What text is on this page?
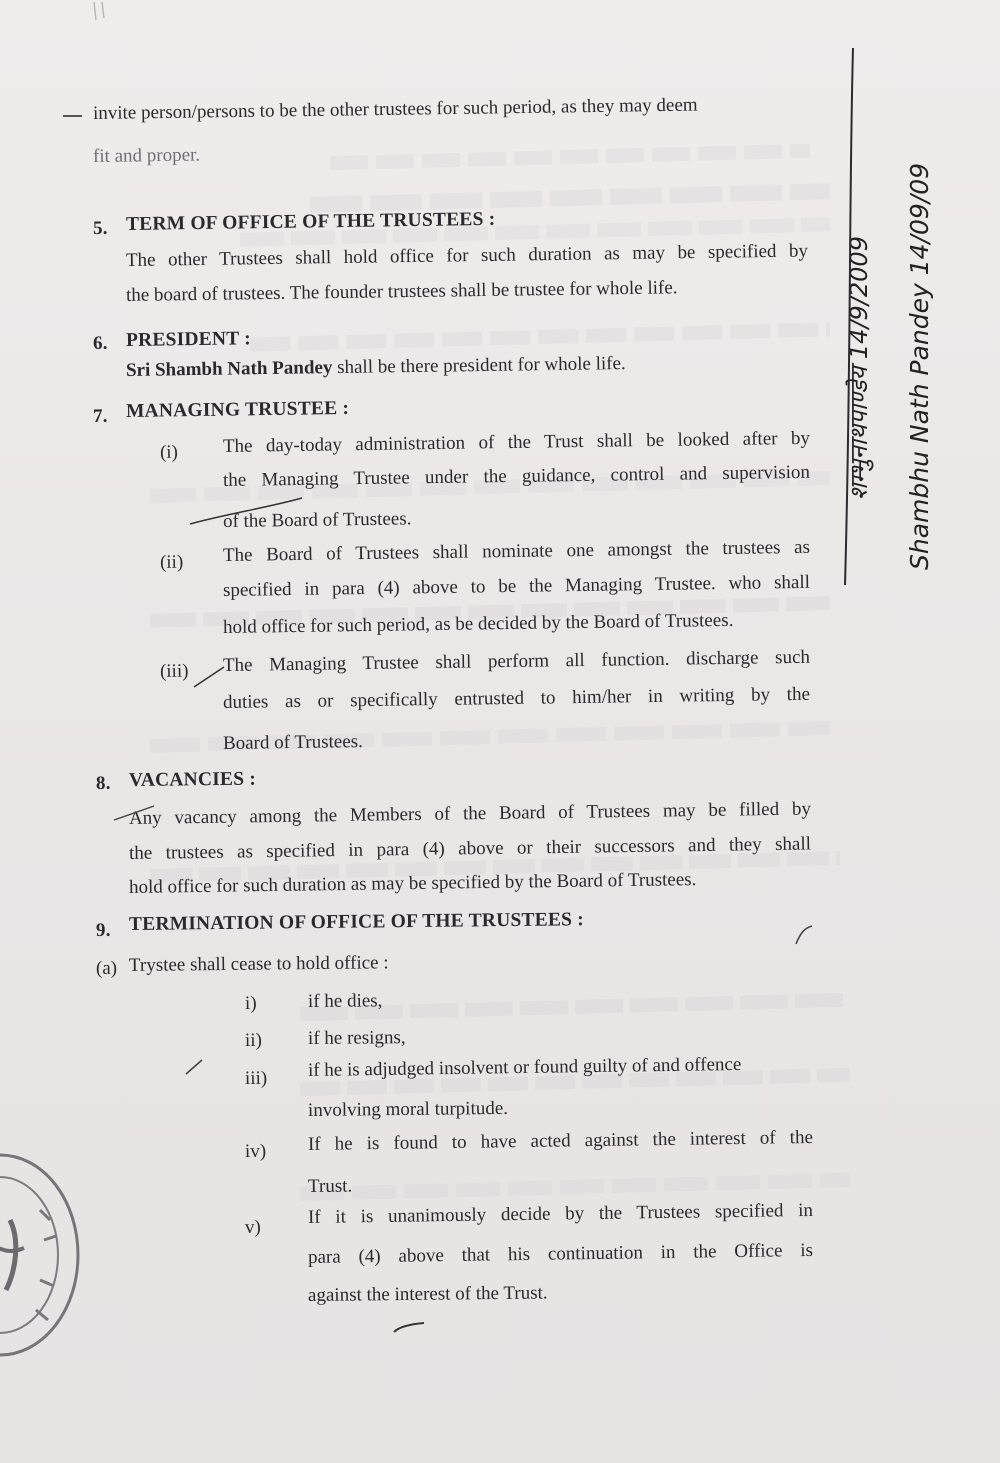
invite person/persons to be the other trustees for such period, as they may deem
fit and proper.
5. TERM OF OFFICE OF THE TRUSTEES :
The other Trustees shall hold office for such duration as may be specified by
the board of trustees. The founder trustees shall be trustee for whole life.
6. PRESIDENT :
Sri Shambh Nath Pandey shall be there president for whole life.
7. MANAGING TRUSTEE :
(i) The day-today administration of the Trust shall be looked after by
the Managing Trustee under the guidance, control and supervision
of the Board of Trustees.
(ii) The Board of Trustees shall nominate one amongst the trustees as
specified in para (4) above to be the Managing Trustee. who shall
hold office for such period, as be decided by the Board of Trustees.
(iii) The Managing Trustee shall perform all function. discharge such
duties as or specifically entrusted to him/her in writing by the
Board of Trustees.
8. VACANCIES :
Any vacancy among the Members of the Board of Trustees may be filled by
the trustees as specified in para (4) above or their successors and they shall
hold office for such duration as may be specified by the Board of Trustees.
9. TERMINATION OF OFFICE OF THE TRUSTEES :
(a) Trystee shall cease to hold office :
i)	if he dies,
ii) if he resigns,
iii) if he is adjudged insolvent or found guilty of and offence
involving moral turpitude.
iv) If he is found to have acted against the interest of the
Trust.
v) If it is unanimously decide by the Trustees specified in
para (4) above that his continuation in the Office is
against the interest of the Trust.
शम्भुनाथपाण्डेय 14/9/2009 Shambhu Nath Pandey 14/09/09
